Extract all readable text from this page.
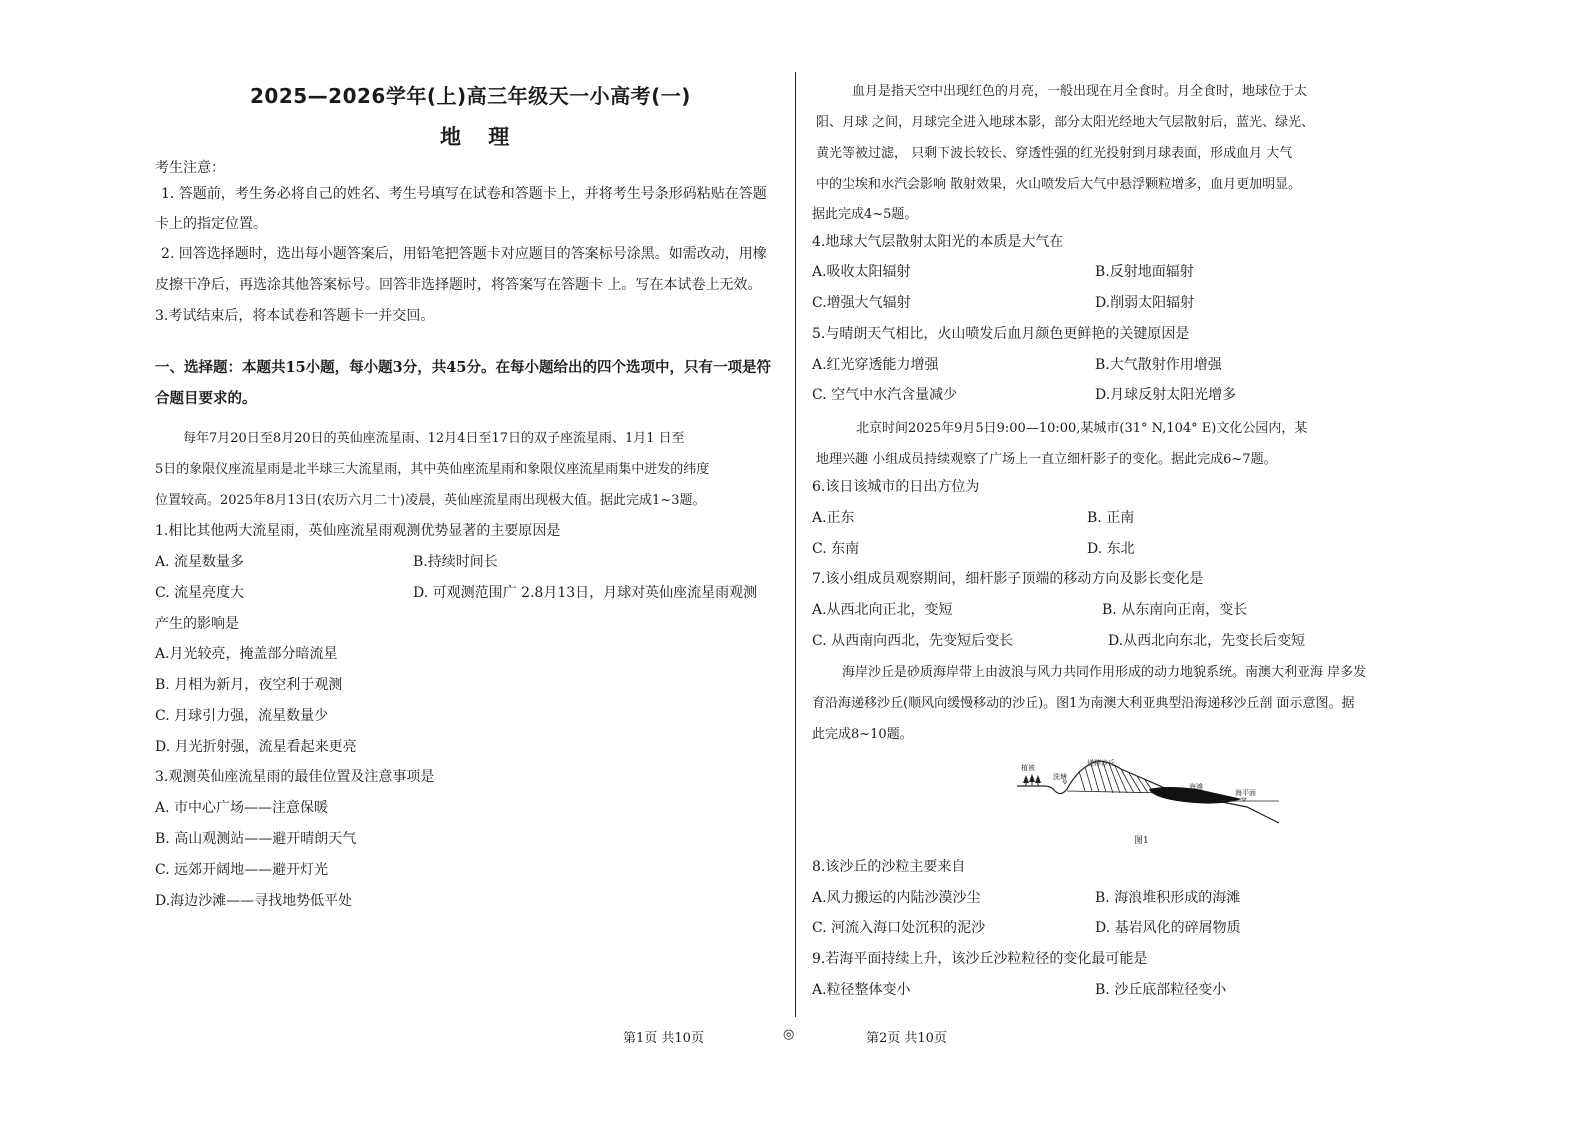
2025—2026学年(上)高三年级天一小高考(一)
地 理
考生注意：
1. 答题前，考生务必将自己的姓名、考生号填写在试卷和答题卡上，并将考生号条形码粘贴在答题
卡上的指定位置。
2. 回答选择题时，选出每小题答案后，用铅笔把答题卡对应题目的答案标号涂黑。如需改动，用橡
皮擦干净后，再选涂其他答案标号。回答非选择题时，将答案写在答题卡 上。写在本试卷上无效。
3.考试结束后，将本试卷和答题卡一并交回。
一、选择题：本题共15小题，每小题3分，共45分。在每小题给出的四个选项中，只有一项是符
合题目要求的。
每年7月20日至8月20日的英仙座流星雨、12月4日至17日的双子座流星雨、1月1 日至
5日的象限仪座流星雨是北半球三大流星雨，其中英仙座流星雨和象限仪座流星雨集中迸发的纬度
位置较高。2025年8月13日(农历六月二十)凌晨，英仙座流星雨出现极大值。据此完成1~3题。
1.相比其他两大流星雨，英仙座流星雨观测优势显著的主要原因是
A. 流星数量多	B.持续时间长
C. 流星亮度大	D. 可观测范围广 2.8月13日，月球对英仙座流星雨观测
产生的影响是
A.月光较亮，掩盖部分暗流星
B. 月相为新月，夜空利于观测
C. 月球引力强，流星数量少
D. 月光折射强，流星看起来更亮
3.观测英仙座流星雨的最佳位置及注意事项是
A. 市中心广场——注意保暖
B. 高山观测站——避开晴朗天气
C. 远郊开阔地——避开灯光
D.海边沙滩——寻找地势低平处
血月是指天空中出现红色的月亮，一般出现在月全食时。月全食时，地球位于太
阳、月球 之间，月球完全进入地球本影，部分太阳光经地大气层散射后，蓝光、绿光、
黄光等被过滤， 只剩下波长较长、穿透性强的红光投射到月球表面，形成血月 大气
中的尘埃和水汽会影响 散射效果，火山喷发后大气中悬浮颗粒增多，血月更加明显。
据此完成4~5题。
4.地球大气层散射太阳光的本质是大气在
A.吸收太阳辐射	B.反射地面辐射
C.增强大气辐射	D.削弱太阳辐射
5.与晴朗天气相比，火山喷发后血月颜色更鲜艳的关键原因是
A.红光穿透能力增强	B.大气散射作用增强
C. 空气中水汽含量减少	D.月球反射太阳光增多
北京时间2025年9月5日9:00—10:00,某城市(31° N,104° E)文化公园内，某
地理兴趣 小组成员持续观察了广场上一直立细杆影子的变化。据此完成6~7题。
6.该日该城市的日出方位为
A.正东	B. 正南
C. 东南	D. 东北
7.该小组成员观察期间，细杆影子顶端的移动方向及影长变化是
A.从西北向正北，变短	B. 从东南向正南，变长
C. 从西南向西北，先变短后变长	D.从西北向东北，先变长后变短
海岸沙丘是砂质海岸带上由波浪与风力共同作用形成的动力地貌系统。南澳大利亚海 岸多发
育沿海递移沙丘(顺风向缓慢移动的沙丘)。图1为南澳大利亚典型沿海递移沙丘剖 面示意图。据
此完成8~10题。
植被
洗塘
递移沙丘
海滩
海平面
图1
8.该沙丘的沙粒主要来自
A.风力搬运的内陆沙漠沙尘	B. 海浪堆积形成的海滩
C. 河流入海口处沉积的泥沙	D. 基岩风化的碎屑物质
9.若海平面持续上升，该沙丘沙粒粒径的变化最可能是
A.粒径整体变小	B. 沙丘底部粒径变小
第1页 共10页	◎	第2页 共10页
